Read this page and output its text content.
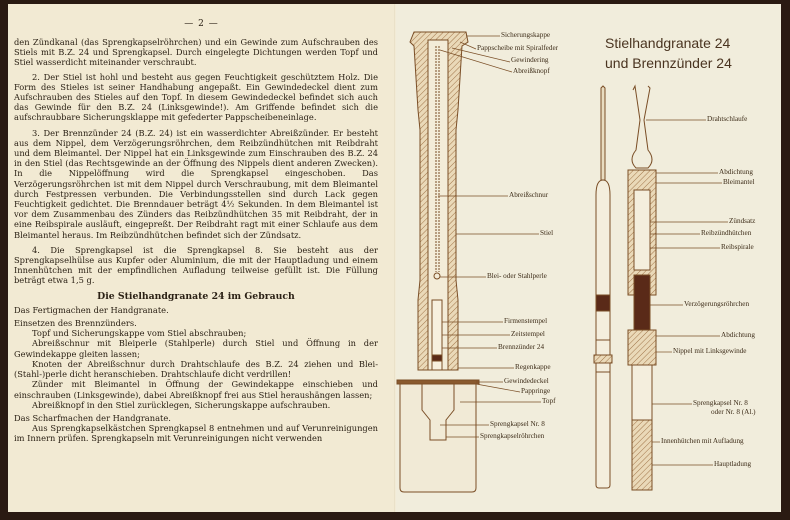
— 2 —

den Zündkanal (das Sprengkapselröhrchen) und ein Gewinde zum Aufschrauben des Stiels mit B.Z. 24 und Sprengkapsel. Durch eingelegte Dichtungen werden Topf und Stiel wasserdicht miteinander verschraubt.

2. Der Stiel ist hohl und besteht aus gegen Feuchtigkeit geschütztem Holz. Die Form des Stieles ist seiner Handhabung angepaßt. Ein Gewindedeckel dient zum Aufschrauben des Stieles auf den Topf. In diesem Gewindedeckel befindet sich auch das Gewinde für den B.Z. 24 (Linksgewinde!). Am Griffende befindet sich die aufschraubbare Sicherungsklappe mit gefederter Pappscheibeneinlage.

3. Der Brennzünder 24 (B.Z. 24) ist ein wasserdichter Abreißzünder. Er besteht aus dem Nippel, dem Verzögerungsröhrchen, dem Reibzündhütchen mit Reibdraht und dem Bleimantel. Der Nippel hat ein Linksgewinde zum Einschrauben des B.Z. 24 in den Stiel (das Rechtsgewinde an der Öffnung des Nippels dient anderen Zwecken). In die Nippelöffnung wird die Sprengkapsel eingeschoben. Das Verzögerungsröhrchen ist mit dem Nippel durch Verschraubung, mit dem Bleimantel durch Festpressen verbunden. Die Verbindungsstellen sind durch Lack gegen Feuchtigkeit gedichtet. Die Brenndauer beträgt 4½ Sekunden. In dem Bleimantel ist vor dem Zusammenbau des Zünders das Reibzündhütchen 35 mit Reibdraht, der in eine Reibspirale ausläuft, eingepreßt. Der Reibdraht ragt mit einer Schlaufe aus dem Bleimantel heraus. Im Reibzündhütchen befindet sich der Zündsatz.

4. Die Sprengkapsel ist die Sprengkapsel 8. Sie besteht aus der Sprengkapselhülse aus Kupfer oder Aluminium, die mit der Hauptladung und einem Innenhütchen mit der empfindlichen Aufladung teilweise gefüllt ist. Die Füllung beträgt etwa 1,5 g.

Die Stielhandgranate 24 im Gebrauch

Das Fertigmachen der Handgranate.

Einsetzen des Brennzünders.

Topf und Sicherungskappe vom Stiel abschrauben;

Abreißschnur mit Bleiperle (Stahlperle) durch Stiel und Öffnung in der Gewindekappe gleiten lassen;

Knoten der Abreißschnur durch Drahtschlaufe des B.Z. 24 ziehen und Blei-(Stahl-)perle dicht heranschieben. Drahtschlaufe dicht verdrillen!

Zünder mit Bleimantel in Öffnung der Gewindekappe einschieben und einschrauben (Linksgewinde), dabei Abreißknopf frei aus Stiel heraushängen lassen;

Abreißknopf in den Stiel zurücklegen, Sicherungskappe aufschrauben.

Das Scharfmachen der Handgranate.

Aus Sprengkapselkästchen Sprengkapsel 8 entnehmen und auf Verunreinigungen im Innern prüfen. Sprengkapseln mit Verunreinigungen nicht verwenden

Stielhandgranate 24
und Brennzünder 24
Sicherungskappe
Pappscheibe mit Spiralfeder
Gewindering
Abreißknopf
Abreißschnur
Stiel
Blei- oder Stahlperle
Firmenstempel
Zeitstempel
Brennzünder 24
Regenkappe
Gewindedeckel
Pappringe
Topf
Sprengkapsel Nr. 8
Sprengkapselröhrchen
Drahtschlaufe
Abdichtung
Bleimantel
Zündsatz
Reibzündhütchen
Reibspirale
Verzögerungsröhrchen
Abdichtung
Nippel mit Linksgewinde
Sprengkapsel Nr. 8
oder Nr. 8 (Al.)
Innenhütchen mit Aufladung
Hauptladung
